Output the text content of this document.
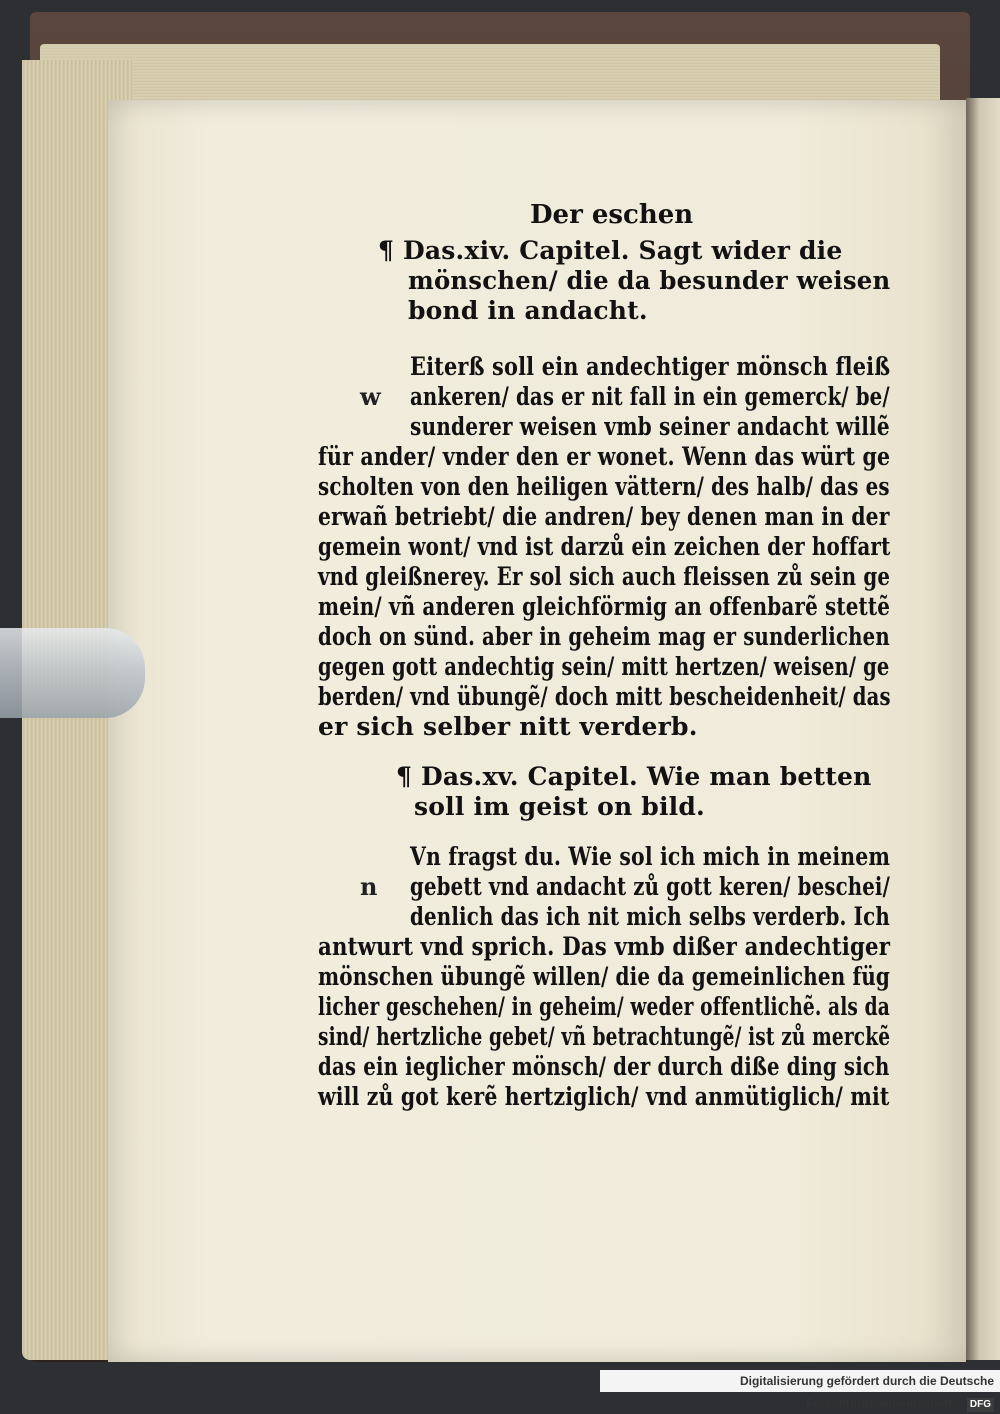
Der eschen
¶ Das.xiv. Capitel. Sagt wider die
mönschen/ die da besunder weisen
bond in andacht.
w
Eiterß soll ein andechtiger mönsch fleiß
ankeren/ das er nit fall in ein gemerck/ be/
sunderer weisen vmb seiner andacht willẽ
für ander/ vnder den er wonet. Wenn das würt ge
scholten von den heiligen vättern/ des halb/ das es
erwañ betriebt/ die andren/ bey denen man in der
gemein wont/ vnd ist darzů ein zeichen der hoffart
vnd gleißnerey. Er sol sich auch fleissen zů sein ge
mein/ vñ anderen gleichförmig an offenbarẽ stettẽ
doch on sünd. aber in geheim mag er sunderlichen
gegen gott andechtig sein/ mitt hertzen/ weisen/ ge
berden/ vnd übungẽ/ doch mitt bescheidenheit/ das
er sich selber nitt verderb.
¶ Das.xv. Capitel. Wie man betten
soll im geist on bild.
n
Vn fragst du. Wie sol ich mich in meinem
gebett vnd andacht zů gott keren/ beschei/
denlich das ich nit mich selbs verderb. Ich
antwurt vnd sprich. Das vmb dißer andechtiger
mönschen übungẽ willen/ die da gemeinlichen füg
licher geschehen/ in geheim/ weder offentlichẽ. als da
sind/ hertzliche gebet/ vñ betrachtungẽ/ ist zů merckẽ
das ein ieglicher mönsch/ der durch diße ding sich
will zů got kerẽ hertziglich/ vnd anmütiglich/ mit
Digitalisierung gefördert durch die Deutsche Forschungsgemeinschaft · DFG
